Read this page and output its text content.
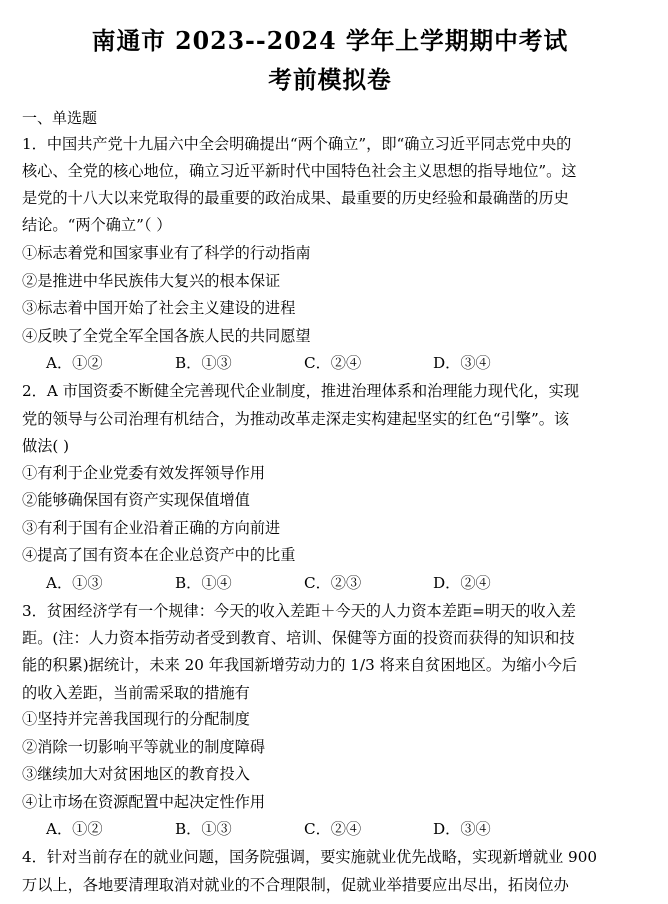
南通市 2023--2024 学年上学期期中考试
考前模拟卷
一、单选题
1．中国共产党十九届六中全会明确提出“两个确立”，即“确立习近平同志党中央的
核心、全党的核心地位，确立习近平新时代中国特色社会主义思想的指导地位”。这
是党的十八大以来党取得的最重要的政治成果、最重要的历史经验和最确凿的历史
结论。“两个确立”（ ）
①标志着党和国家事业有了科学的行动指南
②是推进中华民族伟大复兴的根本保证
③标志着中国开始了社会主义建设的进程
④反映了全党全军全国各族人民的共同愿望
A．①②	B．①③	C．②④	D．③④
2．A 市国资委不断健全完善现代企业制度，推进治理体系和治理能力现代化，实现
党的领导与公司治理有机结合，为推动改革走深走实构建起坚实的红色“引擎”。该
做法( )
①有利于企业党委有效发挥领导作用
②能够确保国有资产实现保值增值
③有利于国有企业沿着正确的方向前进
④提高了国有资本在企业总资产中的比重
A．①③	B．①④	C．②③	D．②④
3．贫困经济学有一个规律：今天的收入差距＋今天的人力资本差距=明天的收入差
距。(注：人力资本指劳动者受到教育、培训、保健等方面的投资而获得的知识和技
能的积累)据统计，未来 20 年我国新增劳动力的 1/3 将来自贫困地区。为缩小今后
的收入差距，当前需采取的措施有
①坚持并完善我国现行的分配制度
②消除一切影响平等就业的制度障碍
③继续加大对贫困地区的教育投入
④让市场在资源配置中起决定性作用
A．①②	B．①③	C．②④	D．③④
4．针对当前存在的就业问题，国务院强调，要实施就业优先战略，实现新增就业 900
万以上，各地要清理取消对就业的不合理限制，促就业举措要应出尽出，拓岗位办
